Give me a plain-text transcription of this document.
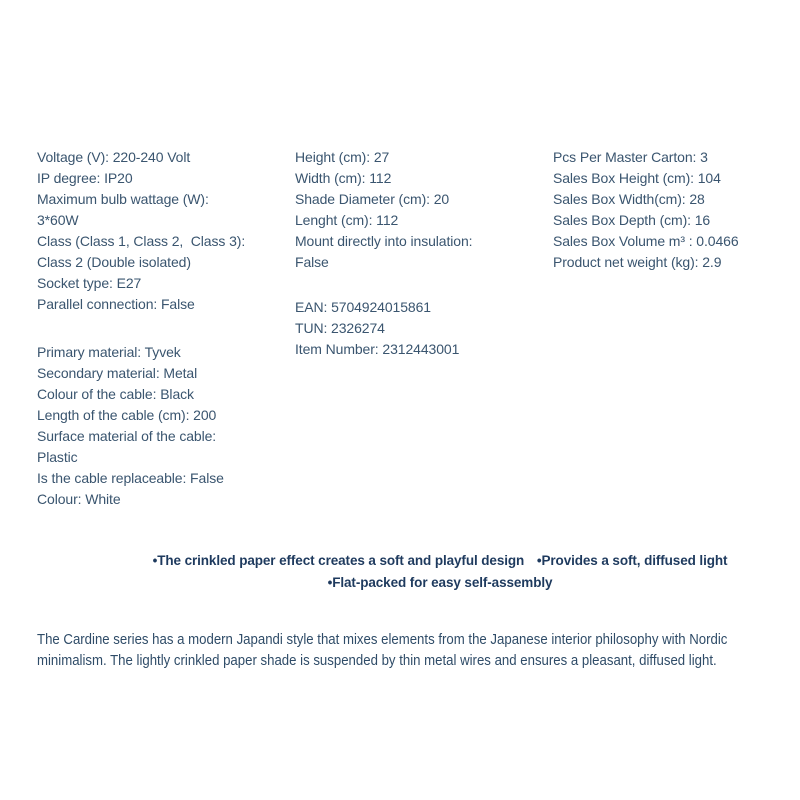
Voltage (V): 220-240 Volt
IP degree: IP20
Maximum bulb wattage (W):
3*60W
Class (Class 1, Class 2,  Class 3):
Class 2 (Double isolated)
Socket type: E27
Parallel connection: False
Primary material: Tyvek
Secondary material: Metal
Colour of the cable: Black
Length of the cable (cm): 200
Surface material of the cable:
Plastic
Is the cable replaceable: False
Colour: White
Height (cm): 27
Width (cm): 112
Shade Diameter (cm): 20
Lenght (cm): 112
Mount directly into insulation:
False
EAN: 5704924015861
TUN: 2326274
Item Number: 2312443001
Pcs Per Master Carton: 3
Sales Box Height (cm): 104
Sales Box Width(cm): 28
Sales Box Depth (cm): 16
Sales Box Volume m³ : 0.0466
Product net weight (kg): 2.9
• The crinkled paper effect creates a soft and playful design • Provides a soft, diffused light
• Flat-packed for easy self-assembly
The Cardine series has a modern Japandi style that mixes elements from the Japanese interior philosophy with Nordic
minimalism. The lightly crinkled paper shade is suspended by thin metal wires and ensures a pleasant, diffused light.
